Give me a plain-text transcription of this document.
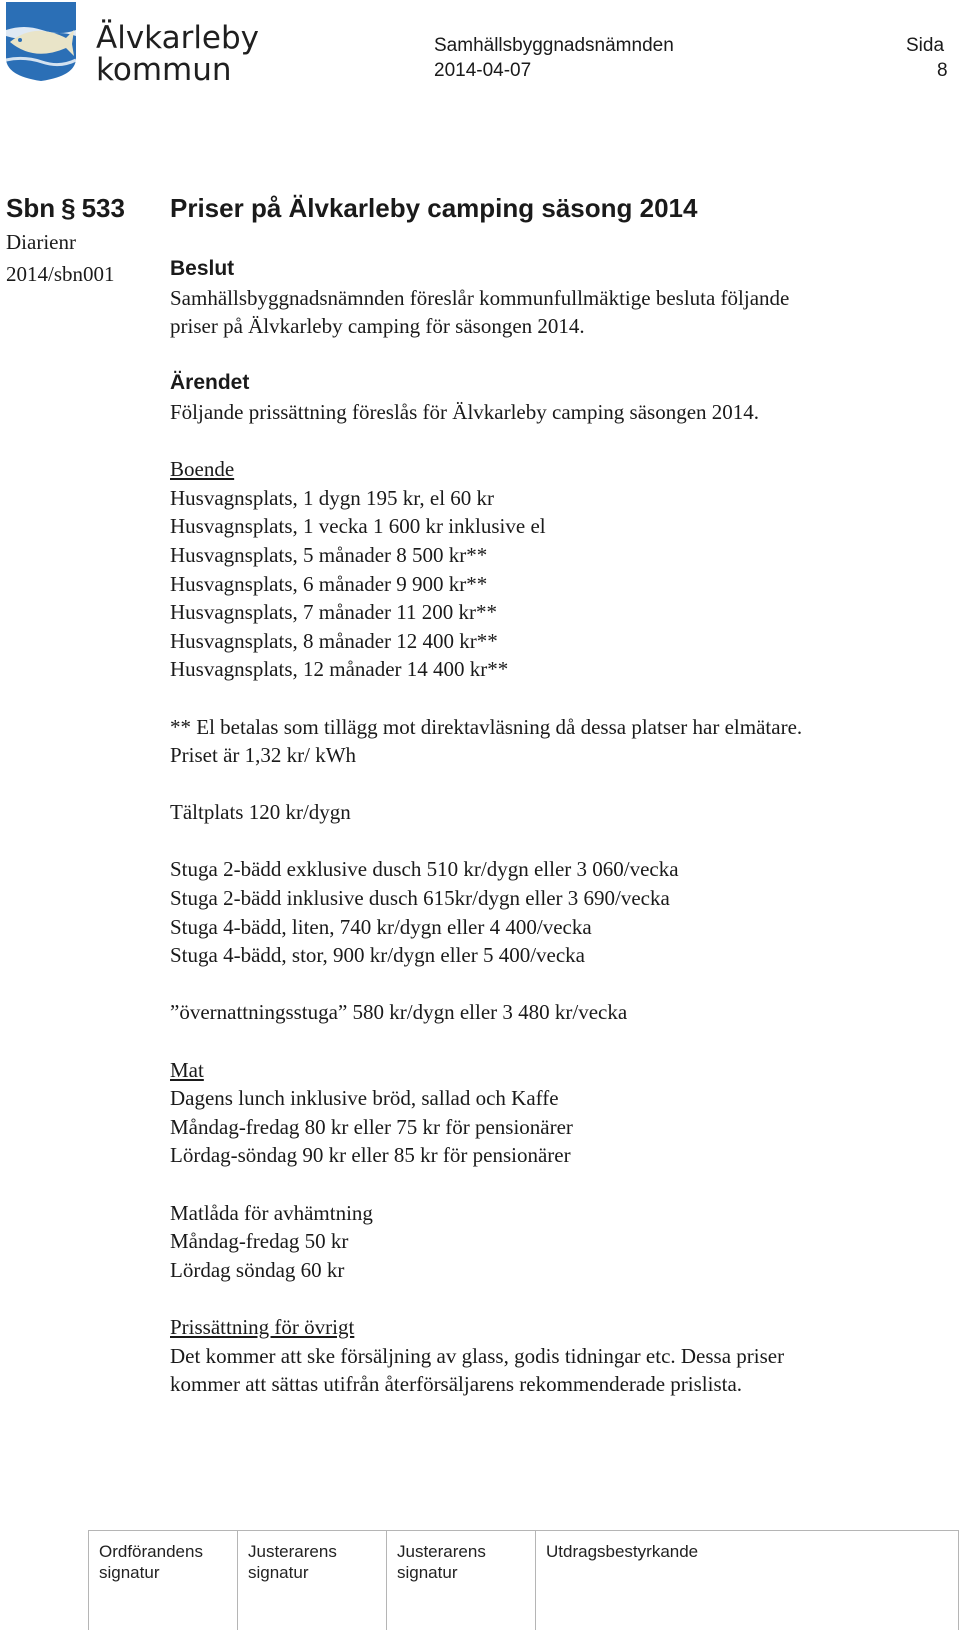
Älvkarleby
kommun
Samhällsbyggnadsnämnden
2014-04-07
Sida
8
Sbn § 533
Diarienr
2014/sbn001
Priser på Älvkarleby camping säsong 2014
Beslut
Samhällsbyggnadsnämnden föreslår kommunfullmäktige besluta följande
priser på Älvkarleby camping för säsongen 2014.
Ärendet
Följande prissättning föreslås för Älvkarleby camping säsongen 2014.
Boende
Husvagnsplats, 1 dygn 195 kr, el 60 kr
Husvagnsplats, 1 vecka 1 600 kr inklusive el
Husvagnsplats, 5 månader 8 500 kr**
Husvagnsplats, 6 månader 9 900 kr**
Husvagnsplats, 7 månader 11 200 kr**
Husvagnsplats, 8 månader 12 400 kr**
Husvagnsplats, 12 månader 14 400 kr**
** El betalas som tillägg mot direktavläsning då dessa platser har elmätare.
Priset är 1,32 kr/ kWh
Tältplats 120 kr/dygn
Stuga 2-bädd exklusive dusch 510 kr/dygn eller 3 060/vecka
Stuga 2-bädd inklusive dusch 615kr/dygn eller 3 690/vecka
Stuga 4-bädd, liten, 740 kr/dygn eller 4 400/vecka
Stuga 4-bädd, stor, 900 kr/dygn eller 5 400/vecka
”övernattningsstuga” 580 kr/dygn eller 3 480 kr/vecka
Mat
Dagens lunch inklusive bröd, sallad och Kaffe
Måndag-fredag 80 kr eller 75 kr för pensionärer
Lördag-söndag 90 kr eller 85 kr för pensionärer
Matlåda för avhämtning
Måndag-fredag 50 kr
Lördag söndag 60 kr
Prissättning för övrigt
Det kommer att ske försäljning av glass, godis tidningar etc. Dessa priser
kommer att sättas utifrån återförsäljarens rekommenderade prislista.
Ordförandens
signatur
Justerarens
signatur
Justerarens
signatur
Utdragsbestyrkande
